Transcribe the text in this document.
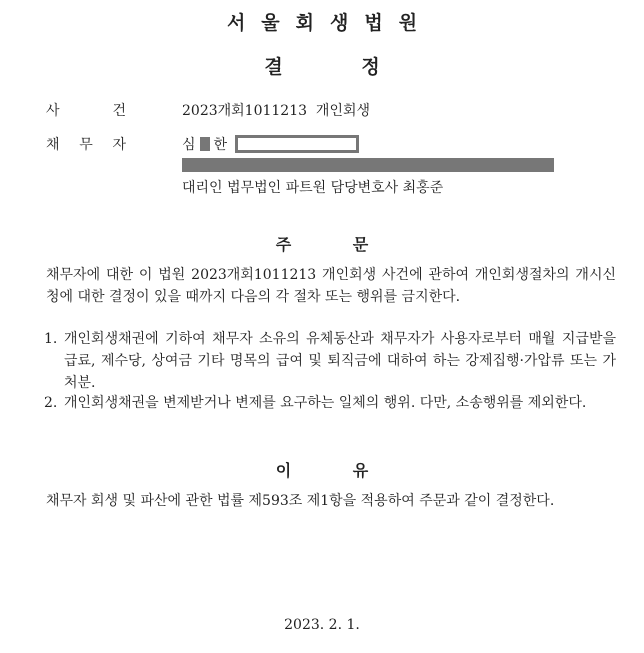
서울회생법원
결	정
사	건	2023개회1011213  개인회생
채 무 자	심 한
대리인 법무법인 파트원 담당변호사 최홍준
주	문
채무자에 대한 이 법원 2023개회1011213 개인회생 사건에 관하여 개인회생절차의 개시신청에 대한 결정이 있을 때까지 다음의 각 절차 또는 행위를 금지한다.
1. 개인회생채권에 기하여 채무자 소유의 유체동산과 채무자가 사용자로부터 매월 지급받을 급료, 제수당, 상여금 기타 명목의 급여 및 퇴직금에 대하여 하는 강제집행·가압류 또는 가처분.
2. 개인회생채권을 변제받거나 변제를 요구하는 일체의 행위. 다만, 소송행위를 제외한다.
이	유
채무자 회생 및 파산에 관한 법률 제593조 제1항을 적용하여 주문과 같이 결정한다.
2023. 2. 1.
